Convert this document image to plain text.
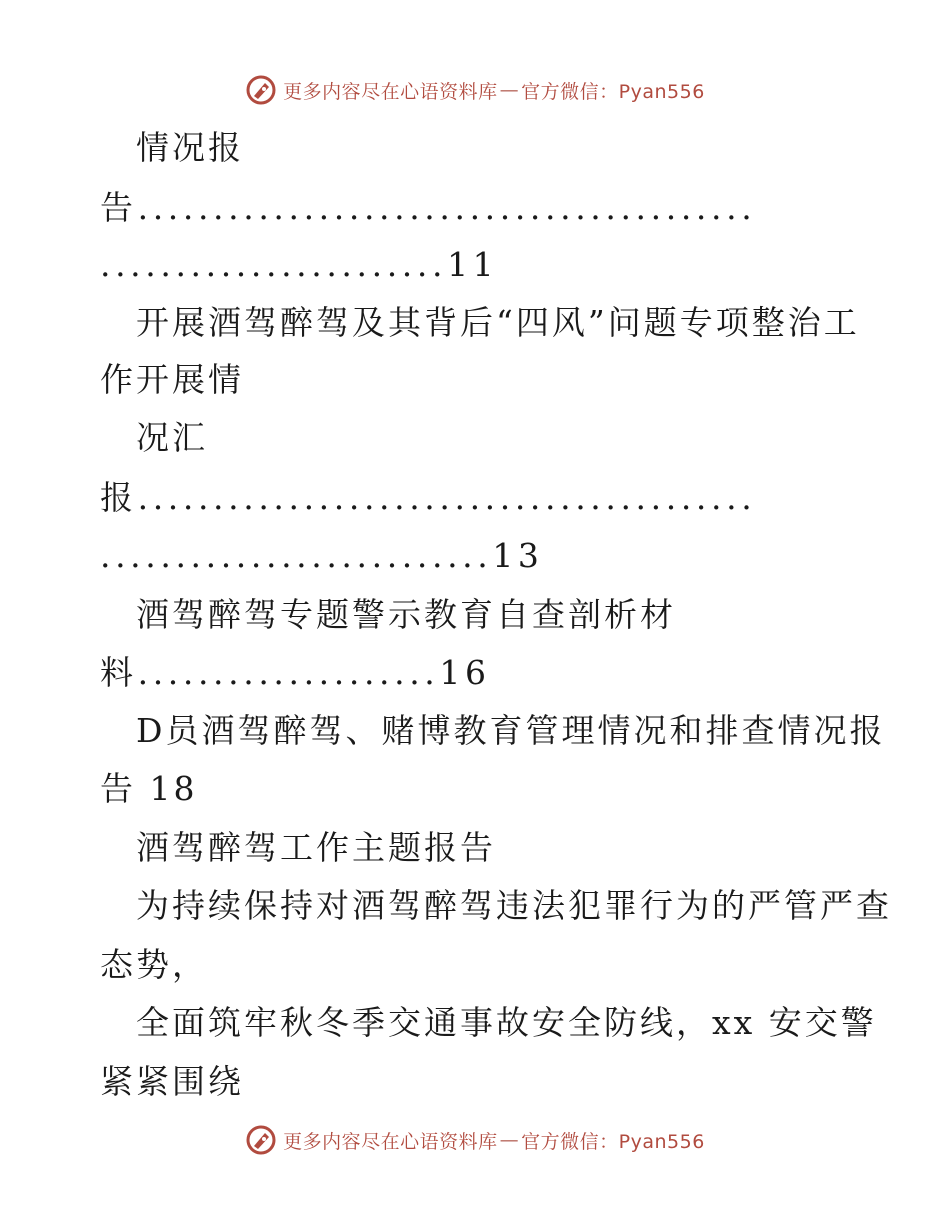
更多内容尽在心语资料库 — 官方微信：Pyan556
情况报
告.........................................
.......................11
开展酒驾醉驾及其背后“四风”问题专项整治工
作开展情
况汇
报.........................................
..........................13
酒驾醉驾专题警示教育自查剖析材
料....................16
D员酒驾醉驾、赌博教育管理情况和排查情况报
告 18
酒驾醉驾工作主题报告
为持续保持对酒驾醉驾违法犯罪行为的严管严查
态势，
全面筑牢秋冬季交通事故安全防线，xx 安交警
紧紧围绕
更多内容尽在心语资料库 — 官方微信：Pyan556
